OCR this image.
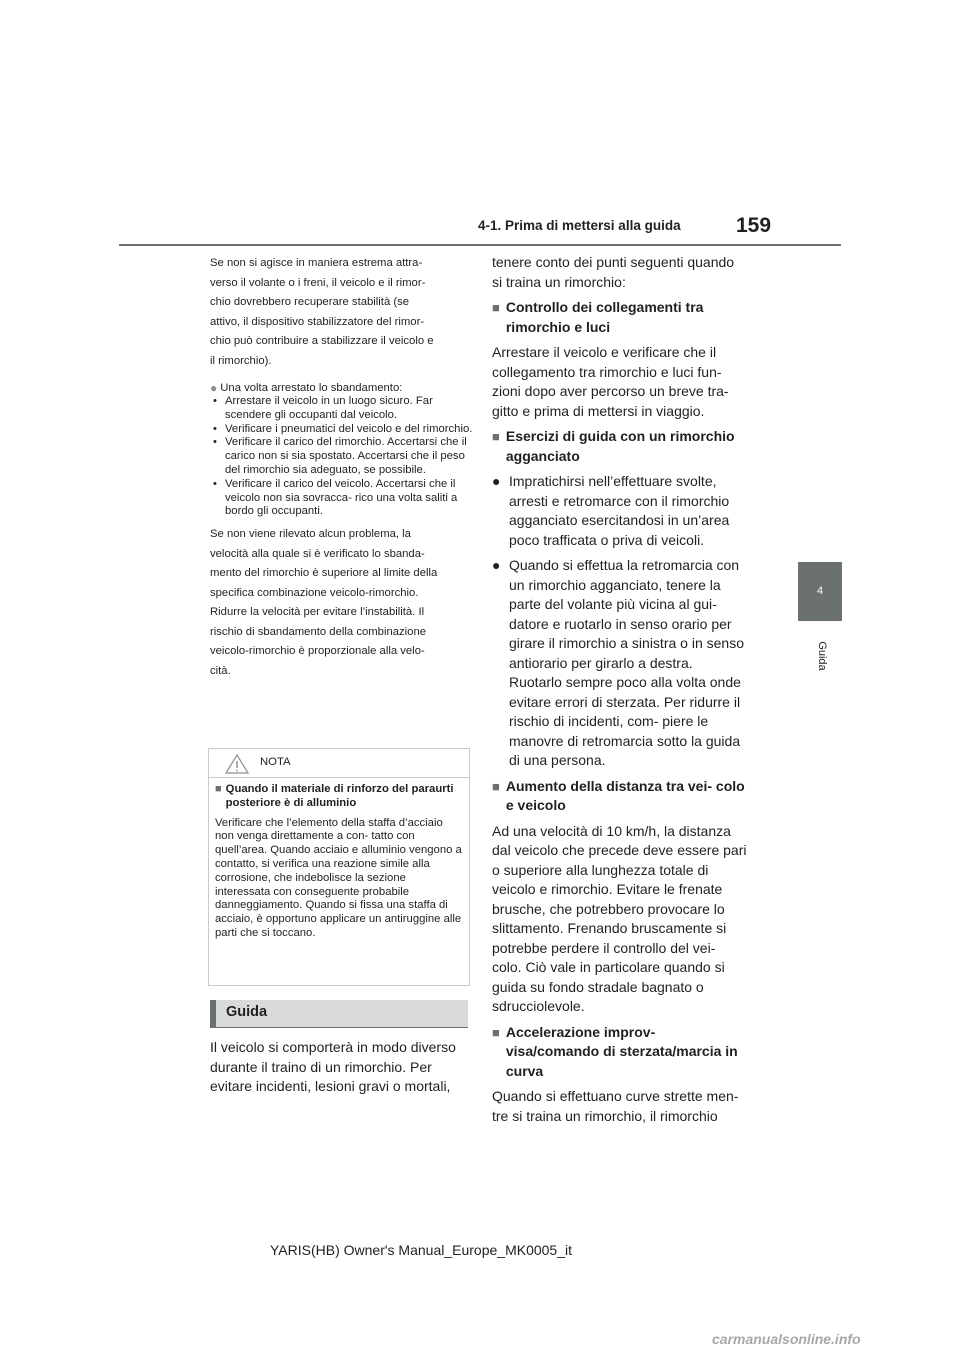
4-1. Prima di mettersi alla guida	159
4
Guida

Se non si agisce in maniera estrema attra-

verso il volante o i freni, il veicolo e il rimor-

chio dovrebbero recuperare stabilità (se

attivo, il dispositivo stabilizzatore del rimor-

chio può contribuire a stabilizzare il veicolo e

il rimorchio).

● Una volta arrestato lo sbandamento:
• Arrestare il veicolo in un luogo sicuro. Far scendere gli occupanti dal veicolo.
• Verificare i pneumatici del veicolo e del rimorchio.
• Verificare il carico del rimorchio. Accertarsi che il carico non si sia spostato. Accertarsi che il peso del rimorchio sia adeguato, se possibile.
• Verificare il carico del veicolo. Accertarsi che il veicolo non sia sovracca- rico una volta saliti a bordo gli occupanti.

Se non viene rilevato alcun problema, la

velocità alla quale si è verificato lo sbanda-

mento del rimorchio è superiore al limite della

specifica combinazione veicolo-rimorchio.

Ridurre la velocità per evitare l’instabilità. Il

rischio di sbandamento della combinazione

veicolo-rimorchio è proporzionale alla velo-

cità.

NOTA
■ Quando il materiale di rinforzo del paraurti posteriore è di alluminio
Verificare che l’elemento della staffa d’acciaio non venga direttamente a con- tatto con quell’area. Quando acciaio e alluminio vengono a contatto, si verifica una reazione simile alla corrosione, che indebolisce la sezione interessata con conseguente probabile danneggiamento. Quando si fissa una staffa di acciaio, è opportuno applicare un antiruggine alle parti che si toccano.
Guida
Il veicolo si comporterà in modo diverso durante il traino di un rimorchio. Per evitare incidenti, lesioni gravi o mortali,

tenere conto dei punti seguenti quando si traina un rimorchio:

■ Controllo dei collegamenti tra rimorchio e luci

Arrestare il veicolo e verificare che il collegamento tra rimorchio e luci fun- zioni dopo aver percorso un breve tra- gitto e prima di mettersi in viaggio.

■ Esercizi di guida con un rimorchio agganciato
● Impratichirsi nell’effettuare svolte, arresti e retromarce con il rimorchio agganciato esercitandosi in un’area poco trafficata o priva di veicoli.
● Quando si effettua la retromarcia con un rimorchio agganciato, tenere la parte del volante più vicina al gui- datore e ruotarlo in senso orario per girare il rimorchio a sinistra o in senso antiorario per girarlo a destra. Ruotarlo sempre poco alla volta onde evitare errori di sterzata. Per ridurre il rischio di incidenti, com- piere le manovre di retromarcia sotto la guida di una persona.
■ Aumento della distanza tra vei- colo e veicolo

Ad una velocità di 10 km/h, la distanza dal veicolo che precede deve essere pari o superiore alla lunghezza totale di veicolo e rimorchio. Evitare le frenate brusche, che potrebbero provocare lo slittamento. Frenando bruscamente si potrebbe perdere il controllo del vei- colo. Ciò vale in particolare quando si guida su fondo stradale bagnato o sdrucciolevole.

■ Accelerazione improv- visa/comando di sterzata/marcia in curva

Quando si effettuano curve strette men- tre si traina un rimorchio, il rimorchio

YARIS(HB) Owner's Manual_Europe_MK0005_it
carmanualsonline.info
